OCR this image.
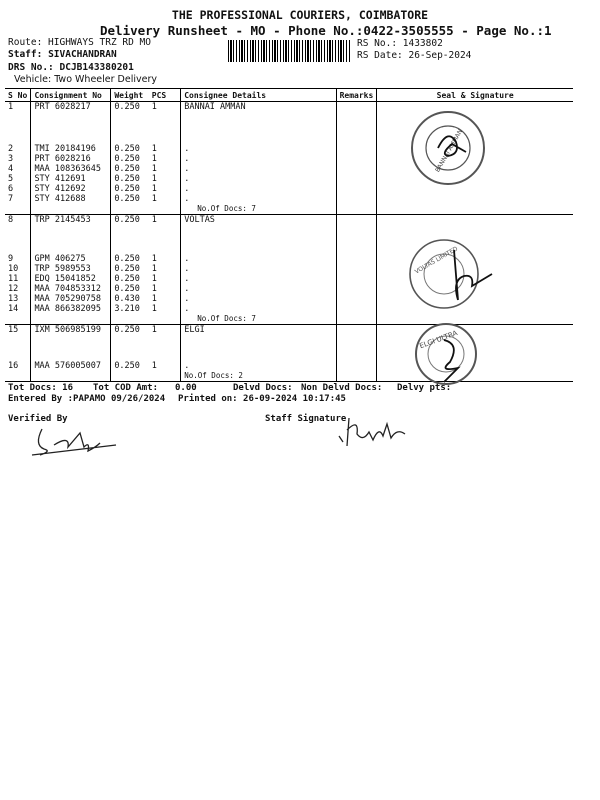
THE PROFESSIONAL COURIERS, COIMBATORE
Delivery Runsheet - MO - Phone No.:0422-3505555 - Page No.:1
Route: HIGHWAYS TRZ RD MO
Staff: SIVACHANDRAN
DRS No.: DCJB143380201
Vehicle: Two Wheeler Delivery
RS No.: 1433802
RS Date: 26-Sep-2024
S No	Consignment No	Weight	PCS	Consignee Details	Remarks	Seal & Signature
1	PRT 6028217	0.250	1	BANNAI AMMAN		
2	TMI 20184196	0.250	1	.		
3	PRT 6028216	0.250	1	.		
4	MAA 108363645	0.250	1	.		
5	STY 412691	0.250	1	.		
6	STY 412692	0.250	1	.		
7	STY 412688	0.250	1	.		
				No.Of Docs: 7		
8	TRP 2145453	0.250	1	VOLTAS		
9	GPM 406275	0.250	1	.		
10	TRP 5989553	0.250	1	.		
11	EDQ 15041852	0.250	1	.		
12	MAA 704853312	0.250	1	.		
13	MAA 705290758	0.430	1	.		
14	MAA 866382095	3.210	1	.		
				No.Of Docs: 7		
15	IXM 506985199	0.250	1	ELGI		
16	MAA 576005007	0.250	1	.		
				No.Of Docs: 2		
BANNAI AMMAN
VOLTAS LIMITED
ELGI ULTRA
Tot Docs: 16 Tot COD Amt: 0.00	Delvd Docs: Non Delvd Docs: Delvy pts:
Entered By :PAPAMO 09/26/2024 Printed on: 26-09-2024 10:17:45
Verified By	Staff Signature
